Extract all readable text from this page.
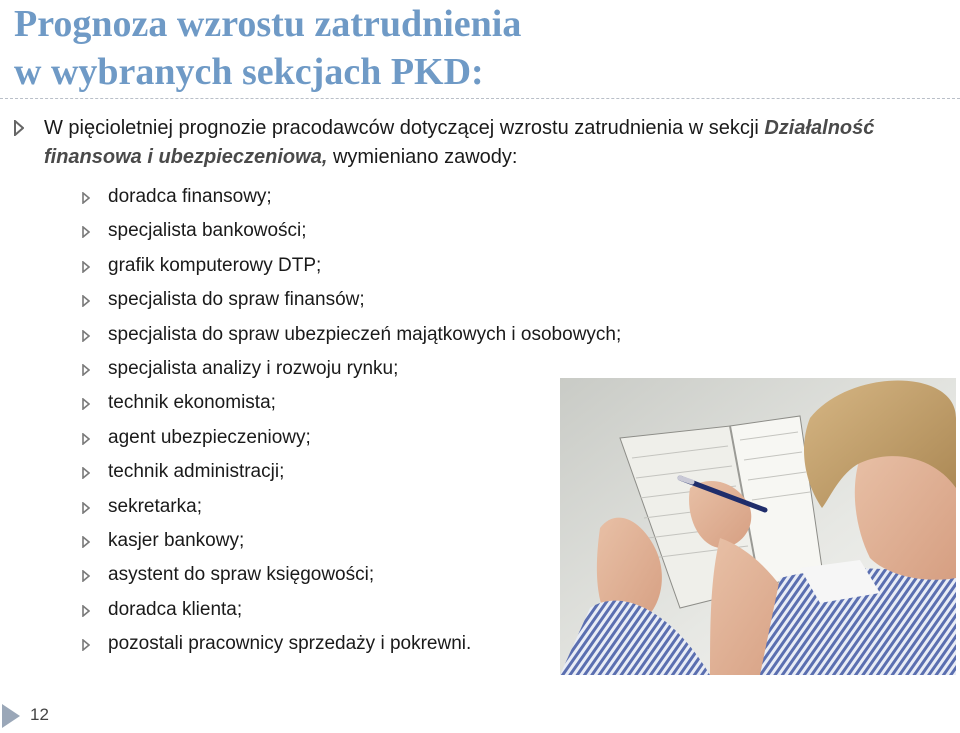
Prognoza wzrostu zatrudnienia
w wybranych sekcjach PKD:
W pięcioletniej prognozie pracodawców dotyczącej wzrostu zatrudnienia w sekcji Działalność finansowa i ubezpieczeniowa, wymieniano zawody:
doradca finansowy;
specjalista bankowości;
grafik komputerowy DTP;
specjalista do spraw finansów;
specjalista do spraw ubezpieczeń majątkowych i osobowych;
specjalista analizy i rozwoju rynku;
technik ekonomista;
agent ubezpieczeniowy;
technik administracji;
sekretarka;
kasjer bankowy;
asystent do spraw księgowości;
doradca klienta;
pozostali pracownicy sprzedaży i pokrewni.
12
